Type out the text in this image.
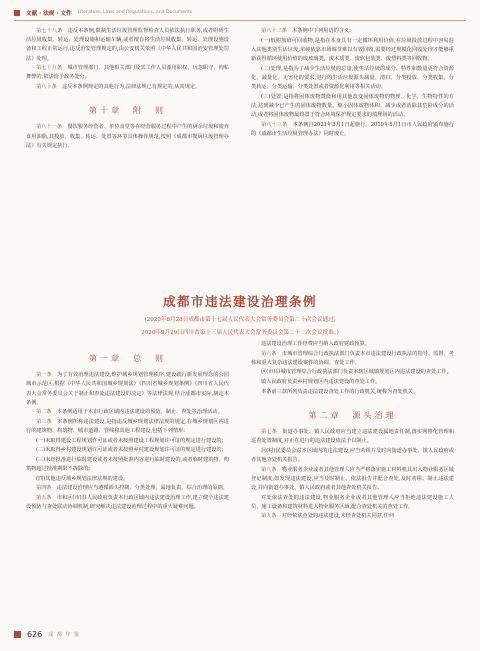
文献 · 法规 · 文件 Literature, Laws and Regulations, and Documents

第七十八条　 违反本条例,限制生活垃圾管理监督检查人员依法执行职务,或者阻碍生活垃圾收集、转运、处理设施和运输车辆,或者擅自将生活垃圾收集、转运、处理设施设备和工程正常运行,违反治安管理规定的,由公安机关依照《中华人民共和国治安管理处罚法》处理。

第七十九条　 城市管理部门、其他相关部门及其工作人员滥用职权、玩忽职守、徇私舞弊的,依法给予政务处分。

第八十条　 违反本条例规定的其他行为,法律法规已有规定的,从其规定。

第十章　附　则

第八十一条　 餐饮服务经营者、单位食堂等在经营服务过程中产生的厨余垃圾和废弃食用油脂,其投放、收集、转运、处置等环节具体操作规范,按照《成都市餐厨垃圾管理办法》有关规定执行。

第八十二条　 本条例中下列用语的含义:

(一)低附加值可回收物,是指在本身具有一定循环利用价值,在垃圾投放过程中容易混入其他类别生活垃圾,单纯依靠市场调节难以有效回收,需要经过规模化回收处理才能够重新获得循环使用价值的废玻璃类、废木质类、废软包装类、废塑料类等回收物。

(二)处理,是指为了减少生活垃圾的总量,使生活垃圾的成分、特性和数量更符合资源化、减量化、无害化的要求,进行的生活垃圾源头减量、清扫、分类投放、分类收集、分类转运、分类运输、分类处置或者资源化利用等相关活动。

(三)处置,是指将固体废物焚烧和用其他改变固体废物的物理、化学、生物特性的方法,达到减少已产生的固体废物数量、缩小固体废物体积、减少或者消除其危险成分的活动,或者将固体废物最终置于符合环境保护规定要求的填埋场的活动。

第八十三条　 本条例自2021年3月1日起施行。2019年5月1日市人民政府颁布施行的《成都市生活垃圾管理办法》同时废止。

成都市违法建设治理条例
(2020年8月28日成都市第十七届人民代表大会常务委员会第二十次会议通过,
2020年9月29日四川省第十三届人民代表大会常务委员会第二十二次会议批准。)
第一章　总　则

第一条　 为了有效治理违法建设,维护城乡规划管理秩序,建设践行新发展理念的公园城市示范区,根据《中华人民共和国城乡规划法》《四川省城乡规划条例》《四川省人民代表大会常务委员会关于制止和查处违法建设的决定》等法律法规,结合成都市实际,制定本条例。

第二条　 本条例适用于本市行政区域内违法建设的预防、制止、查处等治理活动。

第三条　 本条例所称违法建设,是指违反城乡规划法律法规的规定,在城乡规划区内进行的建筑物、构筑物、城市道路、管线和其他工程建设,包括下列情形:

(一)未取得建设工程规划许可证或者未按照建设工程规划许可证的规定进行建设的;

(二)未取得乡村建设规划许可证或者未按照乡村建设规划许可证的规定进行建设的;

(三)未经批准进行临时建设或者未按照批准内容进行临时建设的,或者临时建筑物、构筑物超过批准期限不拆除的;

(四)其他违反城乡规划法律法规的建设。

第四条　 违法建设治理应当遵循源头控制、分类处理、属地负责、综合治理的原则。

第五条　 市和区(市)县人民政府负责本行政区域内违法建设治理工作,建立健全违法建设预防与查处联动协调机制,研究解决违法建设治理过程中的重大疑难问题。

违法建设治理工作经费应当纳入政府财政预算。

第六条　 市城市管理综合行政执法部门负责本市违法建设行政执法的指导、监督、考核和重大复杂违法建设案件的协调、查处工作。

区(市)县城市管理综合行政执法部门负责本辖区城镇规划区内违法建设的查处工作。

镇人民政府负责乡村规划区内违法建设的查处工作。

本条前三款所列负责违法建设查处工作的行政机关,统称为查处机关。

第二章　源头治理

第七条　 街道办事处、镇人民政府应当建立违法建设属地责任制,落实网格化管理和巡查处置制度,对正在进行的违法建设依法予以制止。

居(村)民委员会对本区域内的违法建设,应当劝阻并及时向街道办事处、镇人民政府或者其他查处机关报告。

第八条　 物业服务企业或者其他管理人应当严格落实施工材料机具出入物业服务区域登记制度,如发现违法建设,应当及时制止、依法报告并配合查处,及时劝阻、制止违法建设,并向街道办事处、镇人民政府或者其他查处机关报告。

对处依法查处的违法建设,物业服务企业或者其他管理人应当拒绝违法建设施工人员、施工设备和建筑材料进入物业服务区域,配合查处机关的查处工作。

第九条　 对经依法查处的违法建设,未经查处机关同意,任何

626 成 都 年 鉴
